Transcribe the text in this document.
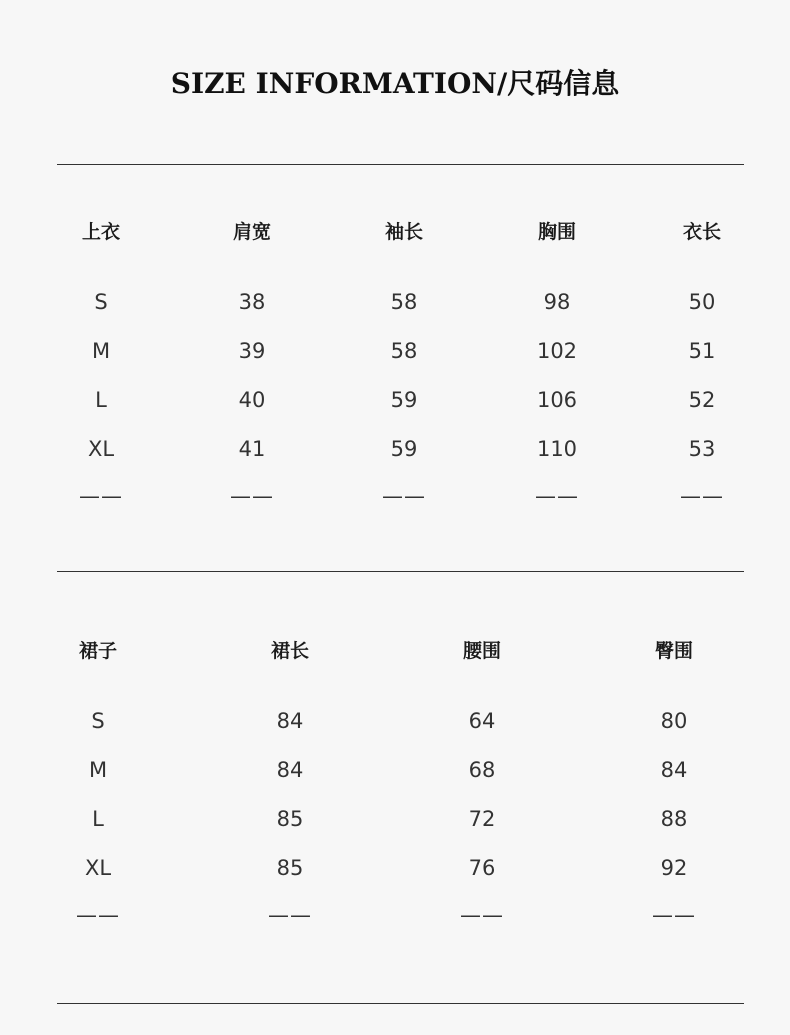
SIZE INFORMATION/尺码信息
上衣	肩宽	袖长	胸围	衣长
S	38	58	98	50
M	39	58	102	51
L	40	59	106	52
XL	41	59	110	53
——	——	——	——	——
裙子	裙长	腰围	臀围
S	84	64	80
M	84	68	84
L	85	72	88
XL	85	76	92
——	——	——	——
